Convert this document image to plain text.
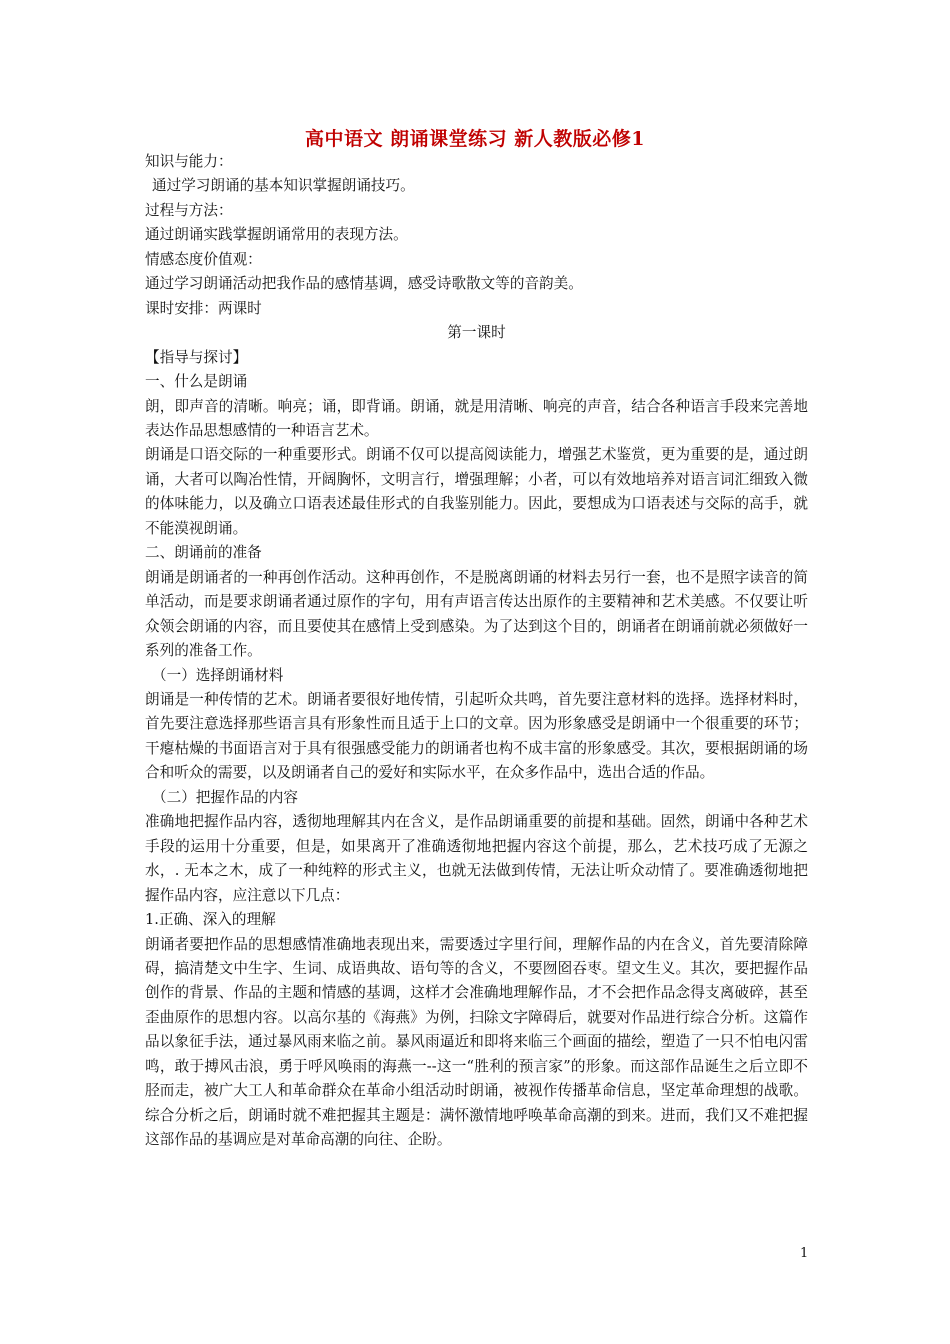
高中语文 朗诵课堂练习 新人教版必修1

知识与能力：

通过学习朗诵的基本知识掌握朗诵技巧。

过程与方法：

通过朗诵实践掌握朗诵常用的表现方法。

情感态度价值观：

通过学习朗诵活动把我作品的感情基调，感受诗歌散文等的音韵美。

课时安排：两课时

第一课时

【指导与探讨】

一、什么是朗诵

朗，即声音的清晰。响亮；诵，即背诵。朗诵，就是用清晰、响亮的声音，结合各种语言手段来完善地表达作品思想感情的一种语言艺术。

朗诵是口语交际的一种重要形式。朗诵不仅可以提高阅读能力，增强艺术鉴赏，更为重要的是，通过朗诵，大者可以陶冶性情，开阔胸怀，文明言行，增强理解；小者，可以有效地培养对语言词汇细致入微的体味能力，以及确立口语表述最佳形式的自我鉴别能力。因此，要想成为口语表述与交际的高手，就不能漠视朗诵。

二、朗诵前的准备

朗诵是朗诵者的一种再创作活动。这种再创作，不是脱离朗诵的材料去另行一套，也不是照字读音的简单活动，而是要求朗诵者通过原作的字句，用有声语言传达出原作的主要精神和艺术美感。不仅要让听众领会朗诵的内容，而且要使其在感情上受到感染。为了达到这个目的，朗诵者在朗诵前就必须做好一系列的准备工作。

（一）选择朗诵材料

朗诵是一种传情的艺术。朗诵者要很好地传情，引起听众共鸣，首先要注意材料的选择。选择材料时，首先要注意选择那些语言具有形象性而且适于上口的文章。因为形象感受是朗诵中一个很重要的环节；干瘪枯燥的书面语言对于具有很强感受能力的朗诵者也构不成丰富的形象感受。其次，要根据朗诵的场合和听众的需要，以及朗诵者自己的爱好和实际水平，在众多作品中，选出合适的作品。

（二）把握作品的内容

准确地把握作品内容，透彻地理解其内在含义，是作品朗诵重要的前提和基础。固然，朗诵中各种艺术手段的运用十分重要，但是，如果离开了准确透彻地把握内容这个前提，那么，艺术技巧成了无源之水，. 无本之木，成了一种纯粹的形式主义，也就无法做到传情，无法让听众动情了。要准确透彻地把握作品内容，应注意以下几点：

1.正确、深入的理解

朗诵者要把作品的思想感情准确地表现出来，需要透过字里行间，理解作品的内在含义，首先要清除障碍，搞清楚文中生字、生词、成语典故、语句等的含义，不要囫囵吞枣。望文生义。其次，要把握作品创作的背景、作品的主题和情感的基调，这样才会准确地理解作品，才不会把作品念得支离破碎，甚至歪曲原作的思想内容。以高尔基的《海燕》为例，扫除文字障碍后，就要对作品进行综合分析。这篇作品以象征手法，通过暴风雨来临之前。暴风雨逼近和即将来临三个画面的描绘，塑造了一只不怕电闪雷鸣，敢于搏风击浪，勇于呼风唤雨的海燕一--这一“胜利的预言家”的形象。而这部作品诞生之后立即不胫而走，被广大工人和革命群众在革命小组活动时朗诵，被视作传播革命信息，坚定革命理想的战歌。综合分析之后，朗诵时就不难把握其主题是：满怀激情地呼唤革命高潮的到来。进而，我们又不难把握这部作品的基调应是对革命高潮的向往、企盼。

1
